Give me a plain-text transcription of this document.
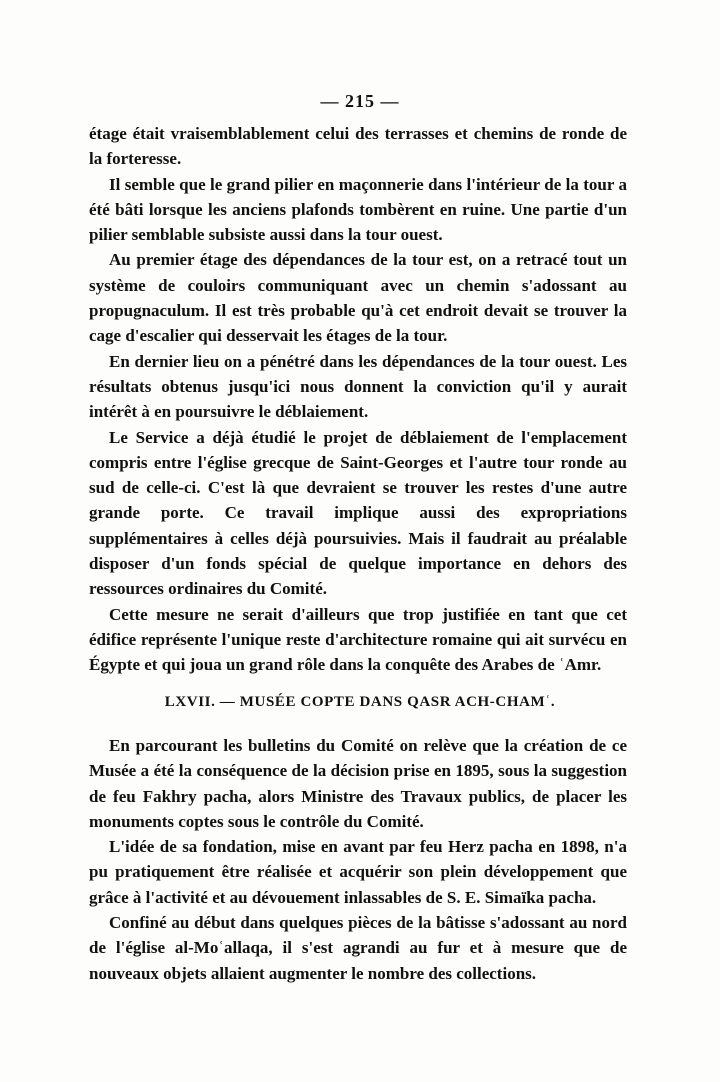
— 215 —

étage était vraisemblablement celui des terrasses et chemins de ronde de la forteresse.

Il semble que le grand pilier en maçonnerie dans l'intérieur de la tour a été bâti lorsque les anciens plafonds tombèrent en ruine. Une partie d'un pilier semblable subsiste aussi dans la tour ouest.

Au premier étage des dépendances de la tour est, on a retracé tout un système de couloirs communiquant avec un chemin s'adossant au propugnaculum. Il est très probable qu'à cet endroit devait se trouver la cage d'escalier qui desservait les étages de la tour.

En dernier lieu on a pénétré dans les dépendances de la tour ouest. Les résultats obtenus jusqu'ici nous donnent la conviction qu'il y aurait intérêt à en poursuivre le déblaiement.

Le Service a déjà étudié le projet de déblaiement de l'emplacement compris entre l'église grecque de Saint-Georges et l'autre tour ronde au sud de celle-ci. C'est là que devraient se trouver les restes d'une autre grande porte. Ce travail implique aussi des expropriations supplémentaires à celles déjà poursuivies. Mais il faudrait au préalable disposer d'un fonds spécial de quelque importance en dehors des ressources ordinaires du Comité.

Cette mesure ne serait d'ailleurs que trop justifiée en tant que cet édifice représente l'unique reste d'architecture romaine qui ait survécu en Égypte et qui joua un grand rôle dans la conquête des Arabes de ʿAmr.

LXVII. — MUSÉE COPTE DANS QASR ACH-CHAMʿ.

En parcourant les bulletins du Comité on relève que la création de ce Musée a été la conséquence de la décision prise en 1895, sous la suggestion de feu Fakhry pacha, alors Ministre des Travaux publics, de placer les monuments coptes sous le contrôle du Comité.

L'idée de sa fondation, mise en avant par feu Herz pacha en 1898, n'a pu pratiquement être réalisée et acquérir son plein développement que grâce à l'activité et au dévouement inlassables de S. E. Simaïka pacha.

Confiné au début dans quelques pièces de la bâtisse s'adossant au nord de l'église al-Moʿallaqa, il s'est agrandi au fur et à mesure que de nouveaux objets allaient augmenter le nombre des collections.
